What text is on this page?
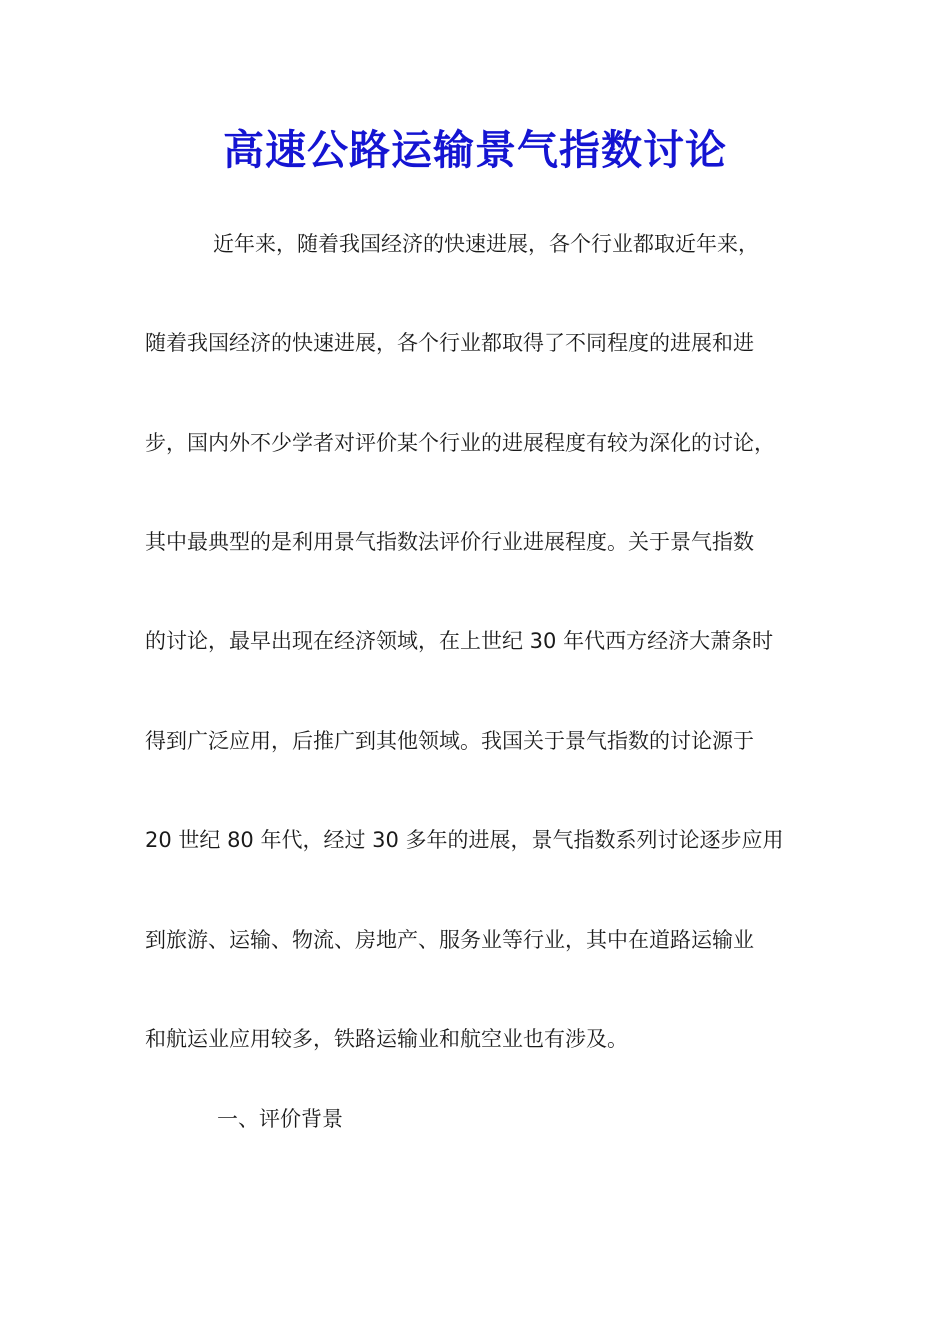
高速公路运输景气指数讨论

近年来，随着我国经济的快速进展，各个行业都取近年来，

随着我国经济的快速进展，各个行业都取得了不同程度的进展和进

步，国内外不少学者对评价某个行业的进展程度有较为深化的讨论，

其中最典型的是利用景气指数法评价行业进展程度。关于景气指数

的讨论，最早出现在经济领域，在上世纪 30 年代西方经济大萧条时

得到广泛应用，后推广到其他领域。我国关于景气指数的讨论源于

20 世纪 80 年代，经过 30 多年的进展，景气指数系列讨论逐步应用

到旅游、运输、物流、房地产、服务业等行业，其中在道路运输业

和航运业应用较多，铁路运输业和航空业也有涉及。

一、评价背景
